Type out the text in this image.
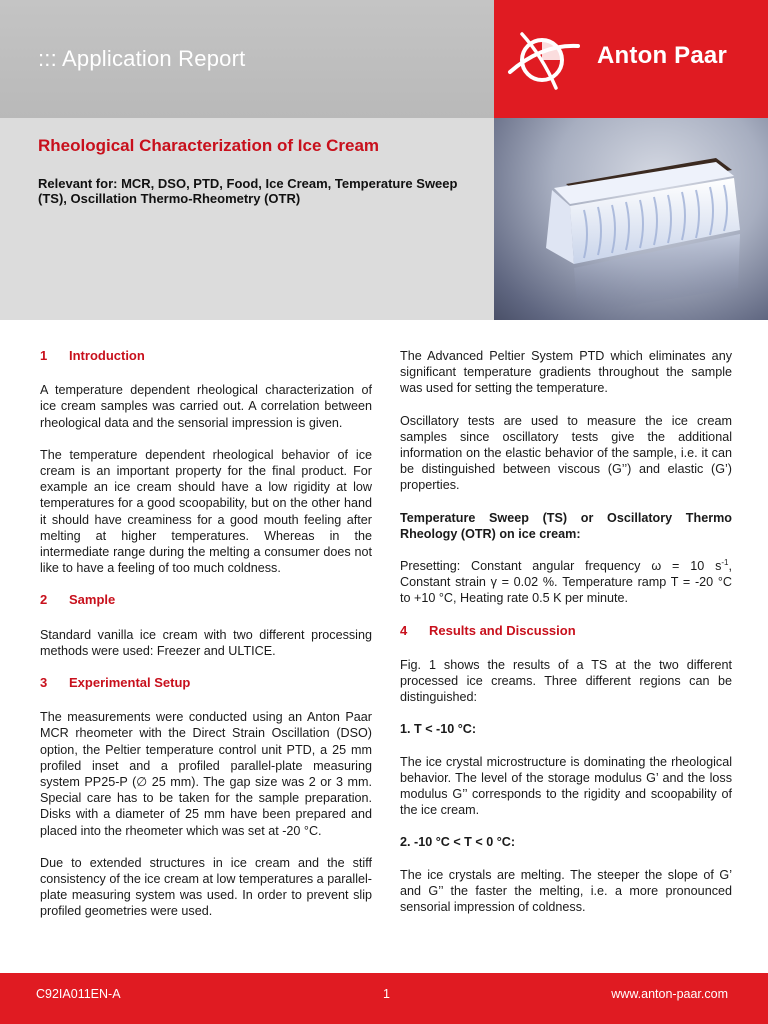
::: Application Report	Anton Paar
Rheological Characterization of Ice Cream
Relevant for: MCR, DSO, PTD, Food, Ice Cream, Temperature Sweep (TS), Oscillation Thermo-Rheometry (OTR)
1 Introduction
A temperature dependent rheological characterization of ice cream samples was carried out. A correlation between rheological data and the sensorial impression is given.
The temperature dependent rheological behavior of ice cream is an important property for the final product. For example an ice cream should have a low rigidity at low temperatures for a good scoopability, but on the other hand it should have creaminess for a good mouth feeling after melting at higher temperatures. Whereas in the intermediate range during the melting a consumer does not like to have a feeling of too much coldness.
2 Sample
Standard vanilla ice cream with two different processing methods were used: Freezer and ULTICE.
3 Experimental Setup
The measurements were conducted using an Anton Paar MCR rheometer with the Direct Strain Oscillation (DSO) option, the Peltier temperature control unit PTD, a 25 mm profiled inset and a profiled parallel-plate measuring system PP25-P (∅ 25 mm). The gap size was 2 or 3 mm. Special care has to be taken for the sample preparation. Disks with a diameter of 25 mm have been prepared and placed into the rheometer which was set at -20 °C.
Due to extended structures in ice cream and the stiff consistency of the ice cream at low temperatures a parallel-plate measuring system was used. In order to prevent slip profiled geometries were used.
The Advanced Peltier System PTD which eliminates any significant temperature gradients throughout the sample was used for setting the temperature.
Oscillatory tests are used to measure the ice cream samples since oscillatory tests give the additional information on the elastic behavior of the sample, i.e. it can be distinguished between viscous (G’’) and elastic (G’) properties.
Temperature Sweep (TS) or Oscillatory Thermo Rheology (OTR) on ice cream:
Presetting: Constant angular frequency ω = 10 $s^{-1}$, Constant strain γ = 0.02 %. Temperature ramp T = -20 °C to +10 °C, Heating rate 0.5 K per minute.
4 Results and Discussion
Fig. 1 shows the results of a TS at the two different processed ice creams. Three different regions can be distinguished:
1. T < -10 °C:
The ice crystal microstructure is dominating the rheological behavior. The level of the storage modulus G’ and the loss modulus G’’ corresponds to the rigidity and scoopability of the ice cream.
2. -10 °C < T < 0 °C:
The ice crystals are melting. The steeper the slope of G’ and G’’ the faster the melting, i.e. a more pronounced sensorial impression of coldness.
C92IA011EN-A	1	www.anton-paar.com
